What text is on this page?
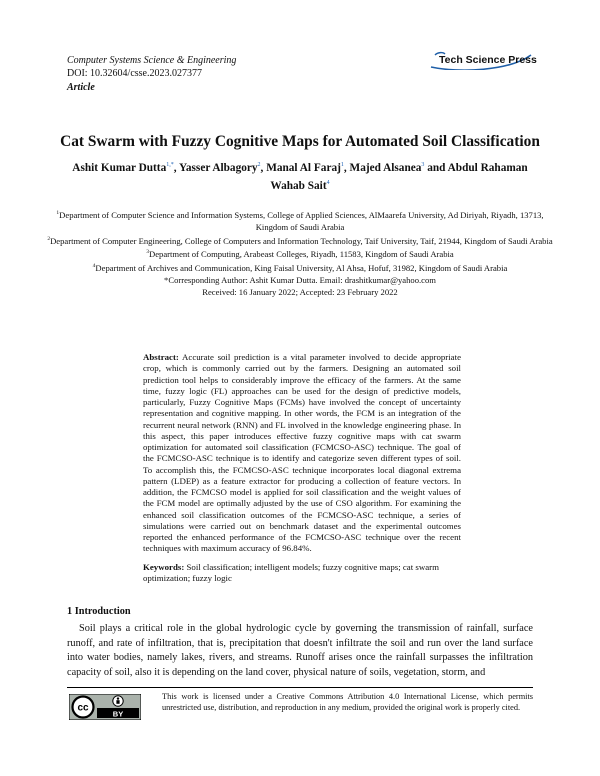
Computer Systems Science & Engineering
DOI: 10.32604/csse.2023.027377
Article
Tech Science Press
Cat Swarm with Fuzzy Cognitive Maps for Automated Soil Classification
Ashit Kumar Dutta$^{1,*}$, Yasser Albagory$^2$, Manal Al Faraj$^1$, Majed Alsanea$^3$ and Abdul Rahaman Wahab Sait$^4$
$^1$Department of Computer Science and Information Systems, College of Applied Sciences, AlMaarefa University, Ad Diriyah, Riyadh, 13713, Kingdom of Saudi Arabia
$^2$Department of Computer Engineering, College of Computers and Information Technology, Taif University, Taif, 21944, Kingdom of Saudi Arabia
$^3$Department of Computing, Arabeast Colleges, Riyadh, 11583, Kingdom of Saudi Arabia
$^4$Department of Archives and Communication, King Faisal University, Al Ahsa, Hofuf, 31982, Kingdom of Saudi Arabia
*Corresponding Author: Ashit Kumar Dutta. Email: drashitkumar@yahoo.com
Received: 16 January 2022; Accepted: 23 February 2022
Abstract: Accurate soil prediction is a vital parameter involved to decide appropriate crop, which is commonly carried out by the farmers. Designing an automated soil prediction tool helps to considerably improve the efficacy of the farmers. At the same time, fuzzy logic (FL) approaches can be used for the design of predictive models, particularly, Fuzzy Cognitive Maps (FCMs) have involved the concept of uncertainty representation and cognitive mapping. In other words, the FCM is an integration of the recurrent neural network (RNN) and FL involved in the knowledge engineering phase. In this aspect, this paper introduces effective fuzzy cognitive maps with cat swarm optimization for automated soil classification (FCMCSO-ASC) technique. The goal of the FCMCSO-ASC technique is to identify and categorize seven different types of soil. To accomplish this, the FCMCSO-ASC technique incorporates local diagonal extrema pattern (LDEP) as a feature extractor for producing a collection of feature vectors. In addition, the FCMCSO model is applied for soil classification and the weight values of the FCM model are optimally adjusted by the use of CSO algorithm. For examining the enhanced soil classification outcomes of the FCMCSO-ASC technique, a series of simulations were carried out on benchmark dataset and the experimental outcomes reported the enhanced performance of the FCMCSO-ASC technique over the recent techniques with maximum accuracy of 96.84%.
Keywords: Soil classification; intelligent models; fuzzy cognitive maps; cat swarm optimization; fuzzy logic
1 Introduction

Soil plays a critical role in the global hydrologic cycle by governing the transmission of rainfall, surface runoff, and rate of infiltration, that is, precipitation that doesn't infiltrate the soil and run over the land surface into water bodies, namely lakes, rivers, and streams. Runoff arises once the rainfall surpasses the infiltration capacity of soil, also it is depending on the land cover, physical nature of soils, vegetation, storm, and

cc
BY
This work is licensed under a Creative Commons Attribution 4.0 International License, which permits unrestricted use, distribution, and reproduction in any medium, provided the original work is properly cited.
